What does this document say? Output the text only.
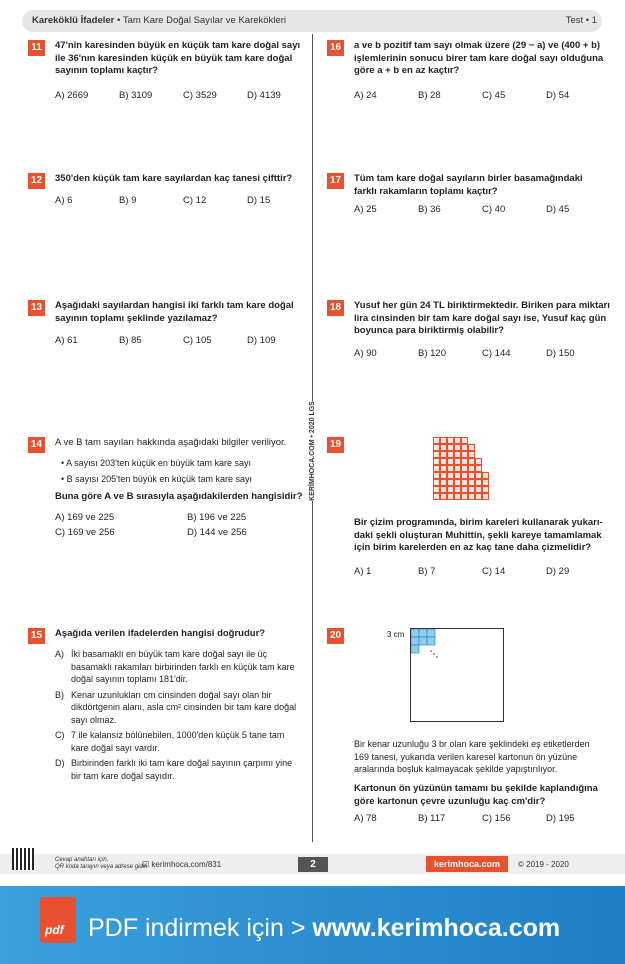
Kareköklü İfadeler • Tam Kare Doğal Sayılar ve Karekökleri	Test • 1
KERİMHOCA.COM • 2020 LGS
11	47'nin karesinden büyük en küçük tam kare doğal sayı
ile 36'nın karesinden küçük en büyük tam kare doğal
sayının toplamı kaçtır?
A) 2669	B) 3109	C) 3529	D) 4139
12	350'den küçük tam kare sayılardan kaç tanesi çifttir?
A) 6	B) 9	C) 12	D) 15
13	Aşağıdaki sayılardan hangisi iki farklı tam kare doğal
sayının toplamı şeklinde yazılamaz?
A) 61	B) 85	C) 105	D) 109
14	A ve B tam sayıları hakkında aşağıdaki bilgiler veriliyor.
• A sayısı 203'ten küçük en büyük tam kare sayı
• B sayısı 205'ten büyük en küçük tam kare sayı
Buna göre A ve B sırasıyla aşağıdakilerden hangisidir?
A) 169 ve 225	B) 196 ve 225
C) 169 ve 256	D) 144 ve 256
15	Aşağıda verilen ifadelerden hangisi doğrudur?
A) İki basamaklı en büyük tam kare doğal sayı ile üç basamaklı rakamları birbirinden farklı en küçük tam kare doğal sayının toplamı 181'dir.
B) Kenar uzunlukları cm cinsinden doğal sayı olan bir dikdörtgenin alanı, asla cm² cinsinden bir tam kare doğal sayı olmaz.
C) 7 ile kalansız bölünebilen, 1000'den küçük 5 tane tam kare doğal sayı vardır.
D) Birbirinden farklı iki tam kare doğal sayının çarpımı yine bir tam kare doğal sayıdır.
16	a ve b pozitif tam sayı olmak üzere (29 − a) ve (400 + b)
işlemlerinin sonucu birer tam kare doğal sayı olduğuna
göre a + b en az kaçtır?
A) 24	B) 28	C) 45	D) 54
17	Tüm tam kare doğal sayıların birler basamağındaki
farklı rakamların toplamı kaçtır?
A) 25	B) 36	C) 40	D) 45
18	Yusuf her gün 24 TL biriktirmektedir. Biriken para miktarı
lira cinsinden bir tam kare doğal sayı ise, Yusuf kaç gün
boyunca para biriktirmiş olabilir?
A) 90	B) 120	C) 144	D) 150
19
Bir çizim programında, birim kareleri kullanarak yukarı-
daki şekli oluşturan Muhittin, şekli kareye tamamlamak
için birim karelerden en az kaç tane daha çizmelidir?
A) 1	B) 7	C) 14	D) 29
20	3 cm
Bir kenar uzunluğu 3 br olan kare şeklindeki eş etiketlerden
169 tanesi, yukarıda verilen karesel kartonun ön yüzüne
aralarında boşluk kalmayacak şekilde yapıştırılıyor.
Kartonun ön yüzünün tamamı bu şekilde kaplandığına
göre kartonun çevre uzunluğu kaç cm'dir?
A) 78	B) 117	C) 156	D) 195
Cevap anahtarı için,
QR koda tarayın veya adrese gidin
☑ kerimhoca.com/831	2	kerimhoca.com	© 2019 - 2020
pdf PDF indirmek için > www.kerimhoca.com
